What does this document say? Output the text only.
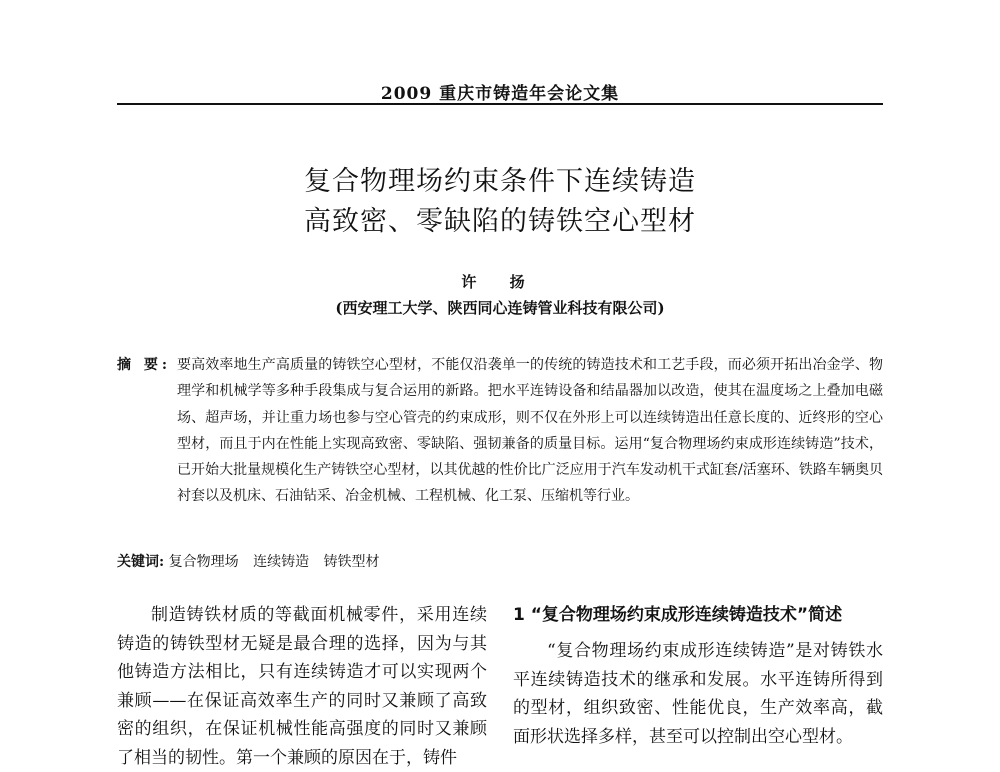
2009 重庆市铸造年会论文集
复合物理场约束条件下连续铸造
高致密、零缺陷的铸铁空心型材
许 扬
(西安理工大学、陕西同心连铸管业科技有限公司)
摘 要: 要高效率地生产高质量的铸铁空心型材，不能仅沿袭单一的传统的铸造技术和工艺手段，而必须开拓出冶金学、物理学和机械学等多种手段集成与复合运用的新路。把水平连铸设备和结晶器加以改造，使其在温度场之上叠加电磁场、超声场，并让重力场也参与空心管壳的约束成形，则不仅在外形上可以连续铸造出任意长度的、近终形的空心型材，而且于内在性能上实现高致密、零缺陷、强韧兼备的质量目标。运用“复合物理场约束成形连续铸造”技术，已开始大批量规模化生产铸铁空心型材，以其优越的性价比广泛应用于汽车发动机干式缸套/活塞环、铁路车辆奥贝衬套以及机床、石油钻采、冶金机械、工程机械、化工泵、压缩机等行业。
关键词: 复合物理场 连续铸造 铸铁型材
制造铸铁材质的等截面机械零件，采用连续铸造的铸铁型材无疑是最合理的选择，因为与其他铸造方法相比，只有连续铸造才可以实现两个兼顾——在保证高效率生产的同时又兼顾了高致密的组织，在保证机械性能高强度的同时又兼顾了相当的韧性。第一个兼顾的原因在于，铸件
1 “复合物理场约束成形连续铸造技术”简述
“复合物理场约束成形连续铸造”是对铸铁水平连续铸造技术的继承和发展。水平连铸所得到的型材，组织致密、性能优良，生产效率高，截面形状选择多样，甚至可以控制出空心型材。
